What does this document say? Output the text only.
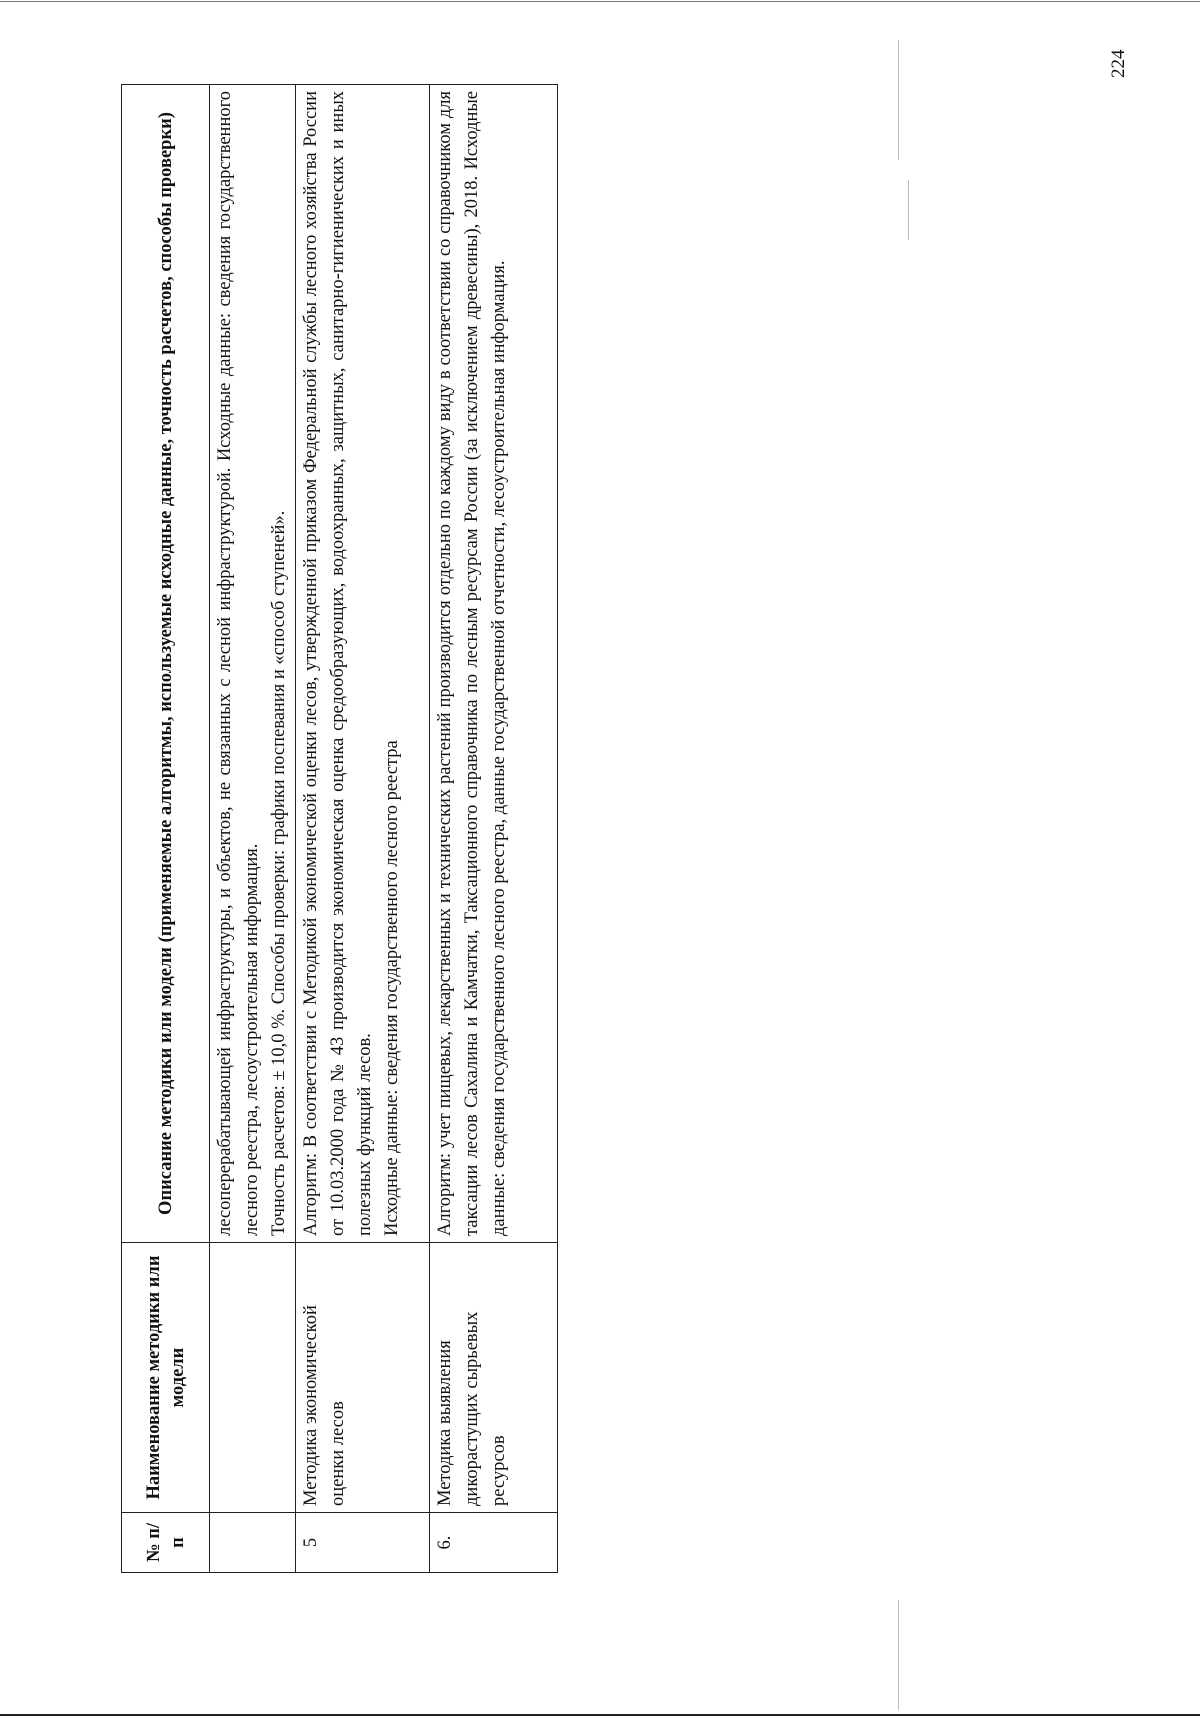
224
№ п/п	Наименование методики или модели	Описание методики или модели (применяемые алгоритмы, используемые исходные данные, точность расчетов, способы проверки)

		лесоперерабатывающей инфраструктуры, и объектов, не связанных с лесной инфраструктурой. Исходные данные: сведения государственного лесного реестра, лесоустроительная информация. Точность расчетов: ± 10,0 %. Способы проверки: графики поспевания и «способ ступеней».

5	Методика экономической оценки лесов	Алгоритм: В соответствии с Методикой экономической оценки лесов, утвержденной приказом Федеральной службы лесного хозяйства России от 10.03.2000 года № 43 производится экономическая оценка средообразующих, водоохранных, защитных, санитарно-гигиенических и иных полезных функций лесов. Исходные данные: сведения государственного лесного реестра

6.	Методика выявления дикорастущих сырьевых ресурсов	Алгоритм: учет пищевых, лекарственных и технических растений производится отдельно по каждому виду в соответствии со справочником для таксации лесов Сахалина и Камчатки, Таксационного справочника по лесным ресурсам России (за исключением древесины), 2018. Исходные данные: сведения государственного лесного реестра, данные государственной отчетности, лесоустроительная информация.
